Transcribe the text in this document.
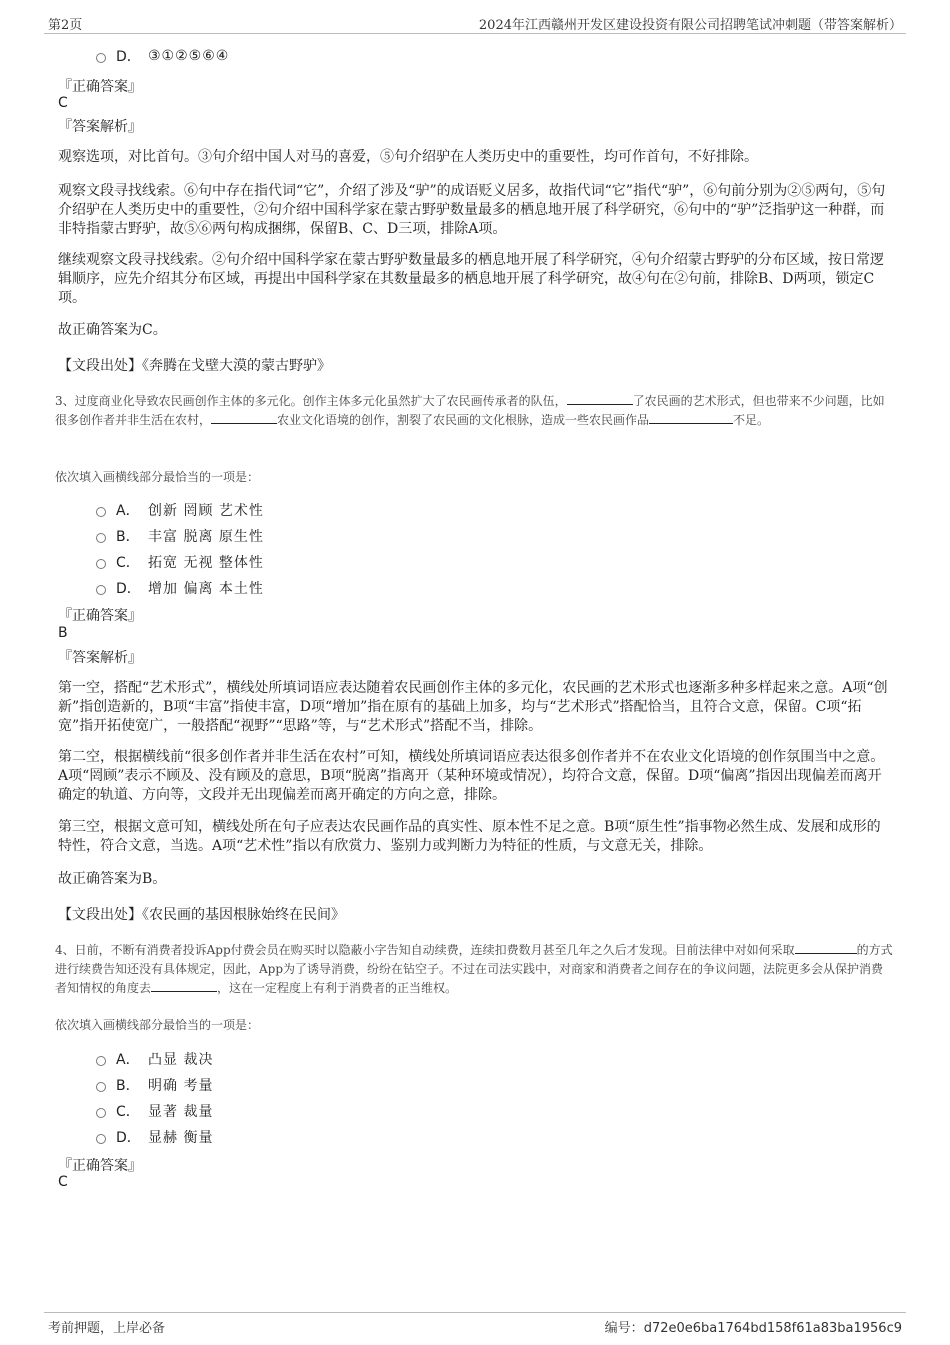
第2页	2024年江西赣州开发区建设投资有限公司招聘笔试冲刺题（带答案解析）
D． ③①②⑤⑥④
『正确答案』
C
『答案解析』
观察选项，对比首句。③句介绍中国人对马的喜爱，⑤句介绍驴在人类历史中的重要性，均可作首句，不好排除。
观察文段寻找线索。⑥句中存在指代词“它”，介绍了涉及“驴”的成语贬义居多，故指代词“它”指代“驴”，⑥句前分别为②⑤两句，⑤句介绍驴在人类历史中的重要性，②句介绍中国科学家在蒙古野驴数量最多的栖息地开展了科学研究，⑥句中的“驴”泛指驴这一种群，而非特指蒙古野驴，故⑤⑥两句构成捆绑，保留B、C、D三项，排除A项。
继续观察文段寻找线索。②句介绍中国科学家在蒙古野驴数量最多的栖息地开展了科学研究，④句介绍蒙古野驴的分布区域，按日常逻辑顺序，应先介绍其分布区域，再提出中国科学家在其数量最多的栖息地开展了科学研究，故④句在②句前，排除B、D两项，锁定C项。
故正确答案为C。
【文段出处】《奔腾在戈壁大漠的蒙古野驴》
3、过度商业化导致农民画创作主体的多元化。创作主体多元化虽然扩大了农民画传承者的队伍，	了农民画的艺术形式，但也带来不少问题，比如很多创作者并非生活在农村，	农业文化语境的创作，割裂了农民画的文化根脉，造成一些农民画作品	不足。
依次填入画横线部分最恰当的一项是：
A． 创新 罔顾 艺术性
B． 丰富 脱离 原生性
C． 拓宽 无视 整体性
D． 增加 偏离 本土性
『正确答案』
B
『答案解析』
第一空，搭配“艺术形式”，横线处所填词语应表达随着农民画创作主体的多元化，农民画的艺术形式也逐渐多种多样起来之意。A项“创新”指创造新的，B项“丰富”指使丰富，D项“增加”指在原有的基础上加多，均与“艺术形式”搭配恰当，且符合文意，保留。C项“拓宽”指开拓使宽广，一般搭配“视野”“思路”等，与“艺术形式”搭配不当，排除。
第二空，根据横线前“很多创作者并非生活在农村”可知，横线处所填词语应表达很多创作者并不在农业文化语境的创作氛围当中之意。A项“罔顾”表示不顾及、没有顾及的意思，B项“脱离”指离开（某种环境或情况），均符合文意，保留。D项“偏离”指因出现偏差而离开确定的轨道、方向等，文段并无出现偏差而离开确定的方向之意，排除。
第三空，根据文意可知，横线处所在句子应表达农民画作品的真实性、原本性不足之意。B项“原生性”指事物必然生成、发展和成形的特性，符合文意，当选。A项“艺术性”指以有欣赏力、鉴别力或判断力为特征的性质，与文意无关，排除。
故正确答案为B。
【文段出处】《农民画的基因根脉始终在民间》
4、日前，不断有消费者投诉App付费会员在购买时以隐蔽小字告知自动续费，连续扣费数月甚至几年之久后才发现。目前法律中对如何采取	的方式进行续费告知还没有具体规定，因此，App为了诱导消费，纷纷在钻空子。不过在司法实践中，对商家和消费者之间存在的争议问题，法院更多会从保护消费者知情权的角度去	，这在一定程度上有利于消费者的正当维权。
依次填入画横线部分最恰当的一项是：
A． 凸显 裁决
B． 明确 考量
C． 显著 裁量
D． 显赫 衡量
『正确答案』
C
考前押题，上岸必备	编号：d72e0e6ba1764bd158f61a83ba1956c9
